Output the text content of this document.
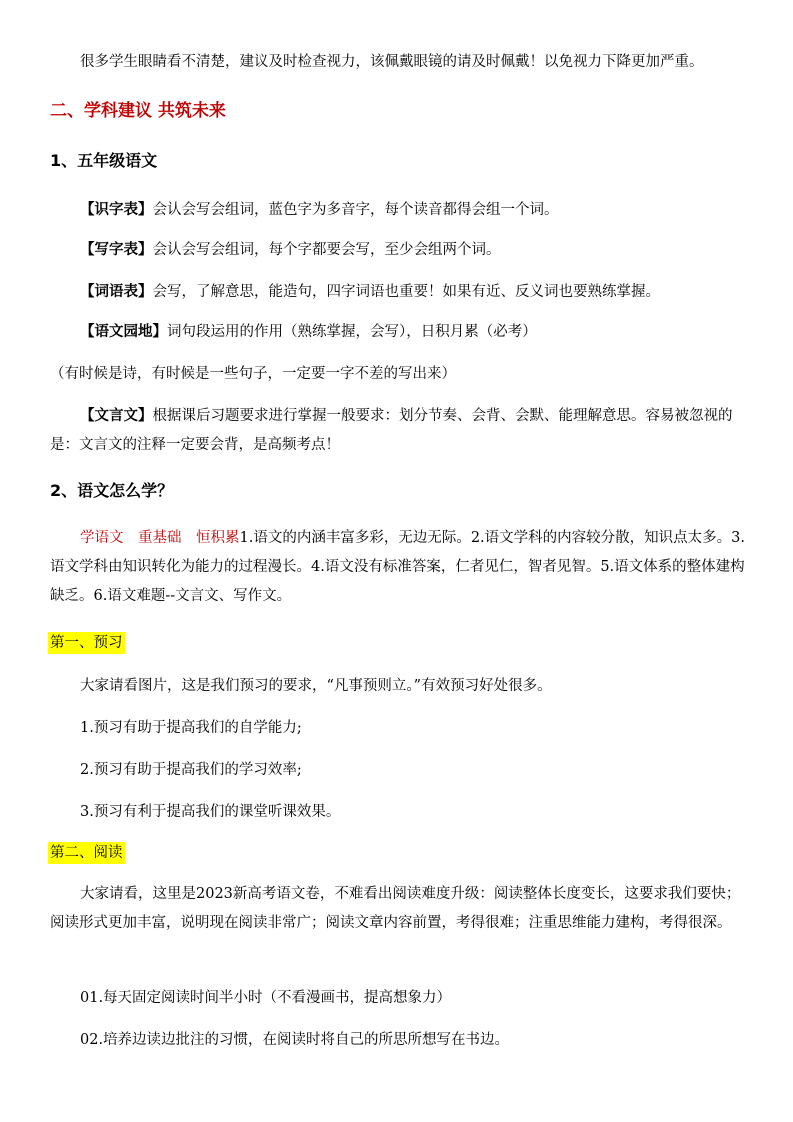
很多学生眼睛看不清楚，建议及时检查视力，该佩戴眼镜的请及时佩戴！以免视力下降更加严重。
二、学科建议 共筑未来
1、五年级语文
【识字表】会认会写会组词，蓝色字为多音字，每个读音都得会组一个词。
【写字表】会认会写会组词，每个字都要会写，至少会组两个词。
【词语表】会写，了解意思，能造句，四字词语也重要！如果有近、反义词也要熟练掌握。
【语文园地】词句段运用的作用（熟练掌握，会写），日积月累（必考）
（有时候是诗，有时候是一些句子，一定要一字不差的写出来）
【文言文】根据课后习题要求进行掌握一般要求：划分节奏、会背、会默、能理解意思。容易被忽视的是：文言文的注释一定要会背，是高频考点！
2、语文怎么学？
学语文　重基础　恒积累1.语文的内涵丰富多彩，无边无际。2.语文学科的内容较分散，知识点太多。3.语文学科由知识转化为能力的过程漫长。4.语文没有标准答案，仁者见仁，智者见智。5.语文体系的整体建构缺乏。6.语文难题--文言文、写作文。
第一、预习
大家请看图片，这是我们预习的要求，“凡事预则立。”有效预习好处很多。
1.预习有助于提高我们的自学能力;
2.预习有助于提高我们的学习效率;
3.预习有利于提高我们的课堂听课效果。
第二、阅读
大家请看，这里是2023新高考语文卷，不难看出阅读难度升级：阅读整体长度变长，这要求我们要快；阅读形式更加丰富，说明现在阅读非常广；阅读文章内容前置，考得很难；注重思维能力建构，考得很深。
01.每天固定阅读时间半小时（不看漫画书，提高想象力）
02.培养边读边批注的习惯，在阅读时将自己的所思所想写在书边。
